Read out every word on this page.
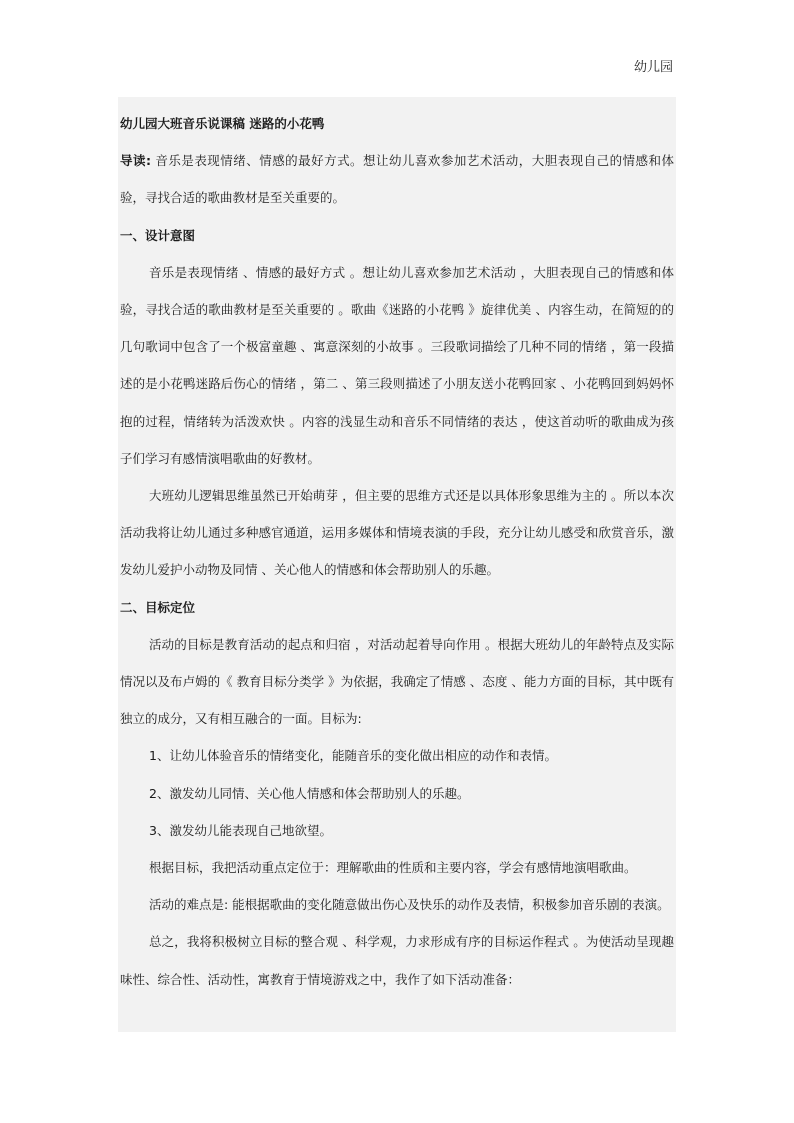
幼儿园

幼儿园大班音乐说课稿 迷路的小花鸭

导读: 音乐是表现情绪、情感的最好方式。想让幼儿喜欢参加艺术活动，大胆表现自己的情感和体验，寻找合适的歌曲教材是至关重要的。

一、设计意图

音乐是表现情绪 、情感的最好方式 。想让幼儿喜欢参加艺术活动 ，大胆表现自己的情感和体验，寻找合适的歌曲教材是至关重要的 。歌曲《迷路的小花鸭 》旋律优美 、内容生动，在简短的的几句歌词中包含了一个极富童趣 、寓意深刻的小故事 。三段歌词描绘了几种不同的情绪 ，第一段描述的是小花鸭迷路后伤心的情绪 ，第二 、第三段则描述了小朋友送小花鸭回家 、小花鸭回到妈妈怀抱的过程，情绪转为活泼欢快 。内容的浅显生动和音乐不同情绪的表达 ，使这首动听的歌曲成为孩子们学习有感情演唱歌曲的好教材。

大班幼儿逻辑思维虽然已开始萌芽 ，但主要的思维方式还是以具体形象思维为主的 。所以本次活动我将让幼儿通过多种感官通道，运用多媒体和情境表演的手段，充分让幼儿感受和欣赏音乐，激发幼儿爱护小动物及同情 、关心他人的情感和体会帮助别人的乐趣。

二、目标定位

活动的目标是教育活动的起点和归宿 ，对活动起着导向作用 。根据大班幼儿的年龄特点及实际情况以及布卢姆的《 教育目标分类学 》为依据，我确定了情感 、态度 、能力方面的目标，其中既有独立的成分，又有相互融合的一面。目标为:

1、让幼儿体验音乐的情绪变化，能随音乐的变化做出相应的动作和表情。

2、激发幼儿同情、关心他人情感和体会帮助别人的乐趣。

3、激发幼儿能表现自己地欲望。

根据目标，我把活动重点定位于：理解歌曲的性质和主要内容，学会有感情地演唱歌曲。

活动的难点是: 能根据歌曲的变化随意做出伤心及快乐的动作及表情，积极参加音乐剧的表演。

总之，我将积极树立目标的整合观 、科学观，力求形成有序的目标运作程式 。为使活动呈现趣味性、综合性、活动性，寓教育于情境游戏之中，我作了如下活动准备：
